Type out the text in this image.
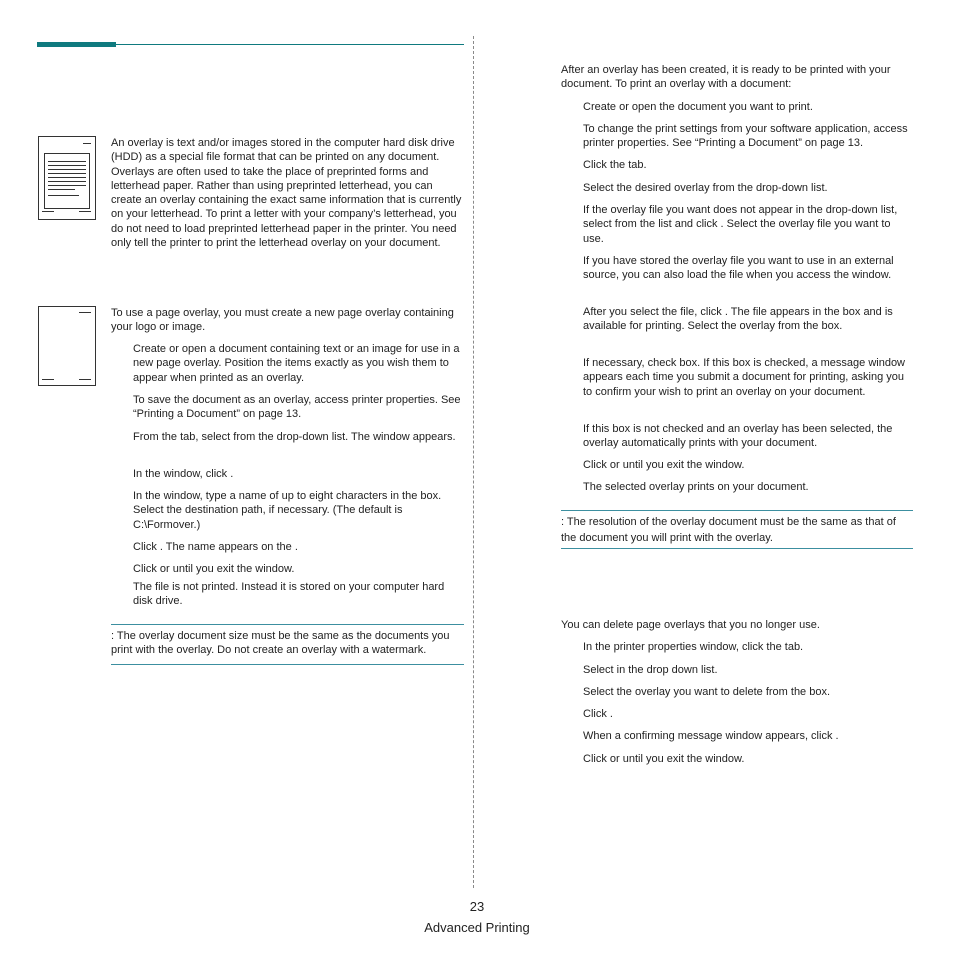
An overlay is text and/or images stored in the computer hard disk drive (HDD) as a special file format that can be printed on any document. Overlays are often used to take the place of preprinted forms and letterhead paper. Rather than using preprinted letterhead, you can create an overlay containing the exact same information that is currently on your letterhead. To print a letter with your company’s letterhead, you do not need to load preprinted letterhead paper in the printer. You need only tell the printer to print the letterhead overlay on your document.

To use a page overlay, you must create a new page overlay containing your logo or image.

Create or open a document containing text or an image for use in a new page overlay. Position the items exactly as you wish them to appear when printed as an overlay.

To save the document as an overlay, access printer properties. See “Printing a Document” on page 13.

From the tab, select from the drop-down list. The window appears.

In the window, click .

In the window, type a name of up to eight characters in the box. Select the destination path, if necessary. (The default is C:\Formover.)

Click . The name appears on the .

Click or until you exit the window.

The file is not printed. Instead it is stored on your computer hard disk drive.

: The overlay document size must be the same as the documents you print with the overlay. Do not create an overlay with a watermark.

After an overlay has been created, it is ready to be printed with your document. To print an overlay with a document:

Create or open the document you want to print.

To change the print settings from your software application, access printer properties. See “Printing a Document” on page 13.

Click the tab.

Select the desired overlay from the drop-down list.

If the overlay file you want does not appear in the drop-down list, select from the list and click . Select the overlay file you want to use.

If you have stored the overlay file you want to use in an external source, you can also load the file when you access the window.

After you select the file, click . The file appears in the box and is available for printing. Select the overlay from the box.

If necessary, check box. If this box is checked, a message window appears each time you submit a document for printing, asking you to confirm your wish to print an overlay on your document.

If this box is not checked and an overlay has been selected, the overlay automatically prints with your document.

Click or until you exit the window.

The selected overlay prints on your document.

: The resolution of the overlay document must be the same as that of the document you will print with the overlay.

You can delete page overlays that you no longer use.

In the printer properties window, click the tab.

Select in the drop down list.

Select the overlay you want to delete from the box.

Click .

When a confirming message window appears, click .

Click or until you exit the window.

23
Advanced Printing
